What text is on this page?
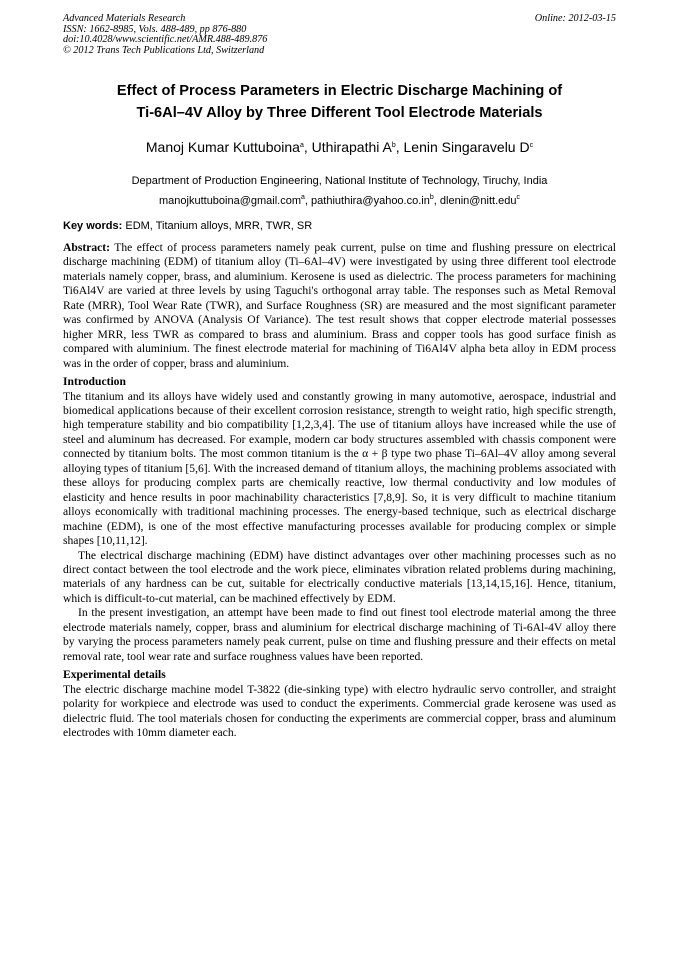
Advanced Materials Research
ISSN: 1662-8985, Vols. 488-489, pp 876-880
doi:10.4028/www.scientific.net/AMR.488-489.876
© 2012 Trans Tech Publications Ltd, Switzerland
Online: 2012-03-15
Effect of Process Parameters in Electric Discharge Machining of
Ti-6Al–4V Alloy by Three Different Tool Electrode Materials
Manoj Kumar Kuttuboina$^a$, Uthirapathi $A^b$, Lenin Singaravelu $D^c$
Department of Production Engineering, National Institute of Technology, Tiruchy, India
manojkuttuboina@gmail.com$^a$, $pathiuthira@yahoo.co.in^b$, dlenin@nitt.edu$^c$
Key words: EDM, Titanium alloys, MRR, TWR, SR

Abstract: The effect of process parameters namely peak current, pulse on time and flushing pressure on electrical discharge machining (EDM) of titanium alloy (Ti–6Al–4V) were investigated by using three different tool electrode materials namely copper, brass, and aluminium. Kerosene is used as dielectric. The process parameters for machining Ti6Al4V are varied at three levels by using Taguchi's orthogonal array table. The responses such as Metal Removal Rate (MRR), Tool Wear Rate (TWR), and Surface Roughness (SR) are measured and the most significant parameter was confirmed by ANOVA (Analysis Of Variance). The test result shows that copper electrode material possesses higher MRR, less TWR as compared to brass and aluminium. Brass and copper tools has good surface finish as compared with aluminium. The finest electrode material for machining of Ti6Al4V alpha beta alloy in EDM process was in the order of copper, brass and aluminium.

Introduction

The titanium and its alloys have widely used and constantly growing in many automotive, aerospace, industrial and biomedical applications because of their excellent corrosion resistance, strength to weight ratio, high specific strength, high temperature stability and bio compatibility [1,2,3,4]. The use of titanium alloys have increased while the use of steel and aluminum has decreased. For example, modern car body structures assembled with chassis component were connected by titanium bolts. The most common titanium is the α + β type two phase Ti–6Al–4V alloy among several alloying types of titanium [5,6]. With the increased demand of titanium alloys, the machining problems associated with these alloys for producing complex parts are chemically reactive, low thermal conductivity and low modules of elasticity and hence results in poor machinability characteristics [7,8,9]. So, it is very difficult to machine titanium alloys economically with traditional machining processes. The energy-based technique, such as electrical discharge machine (EDM), is one of the most effective manufacturing processes available for producing complex or simple shapes [10,11,12].

The electrical discharge machining (EDM) have distinct advantages over other machining processes such as no direct contact between the tool electrode and the work piece, eliminates vibration related problems during machining, materials of any hardness can be cut, suitable for electrically conductive materials [13,14,15,16]. Hence, titanium, which is difficult-to-cut material, can be machined effectively by EDM.

In the present investigation, an attempt have been made to find out finest tool electrode material among the three electrode materials namely, copper, brass and aluminium for electrical discharge machining of Ti-6Al-4V alloy there by varying the process parameters namely peak current, pulse on time and flushing pressure and their effects on metal removal rate, tool wear rate and surface roughness values have been reported.

Experimental details

The electric discharge machine model T-3822 (die-sinking type) with electro hydraulic servo controller, and straight polarity for workpiece and electrode was used to conduct the experiments. Commercial grade kerosene was used as dielectric fluid. The tool materials chosen for conducting the experiments are commercial copper, brass and aluminum electrodes with 10mm diameter each.
